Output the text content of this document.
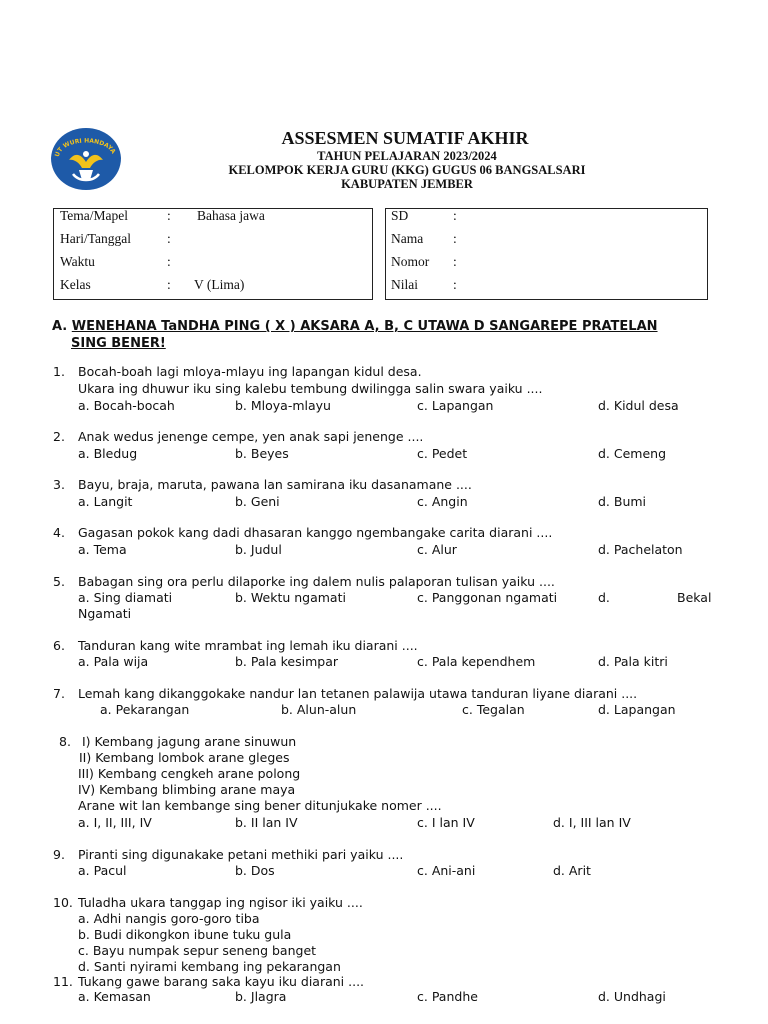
UT WURI HANDAYA
ASSESMEN SUMATIF AKHIR
TAHUN PELAJARAN 2023/2024
KELOMPOK KERJA GURU (KKG) GUGUS 06 BANGSALSARI
KABUPATEN JEMBER
Tema/Mapel	: Bahasa jawa
Hari/Tanggal	:
Waktu	:
Kelas	: V (Lima)
SD	:
Nama :
Nomor :
Nilai	:
A. WENEHANA TaNDHA PING ( X ) AKSARA A, B, C UTAWA D SANGAREPE PRATELAN
SING BENER!
1. Bocah-boah lagi mloya-mlayu ing lapangan kidul desa.
Ukara ing dhuwur iku sing kalebu tembung dwilingga salin swara yaiku ....
a. Bocah-bocah	b. Mloya-mlayu	c. Lapangan	d. Kidul desa
2. Anak wedus jenenge cempe, yen anak sapi jenenge ....
a. Bledug	b. Beyes	c. Pedet	d. Cemeng
3. Bayu, braja, maruta, pawana lan samirana iku dasanamane ....
a. Langit	b. Geni	c. Angin	d. Bumi
4. Gagasan pokok kang dadi dhasaran kanggo ngembangake carita diarani ....
a. Tema	b. Judul	c. Alur	d. Pachelaton
5. Babagan sing ora perlu dilaporke ing dalem nulis palaporan tulisan yaiku ....
a. Sing diamati	b. Wektu ngamati	c. Panggonan ngamati	d.	Bekal
Ngamati
6. Tanduran kang wite mrambat ing lemah iku diarani ....
a. Pala wija	b. Pala kesimpar	c. Pala kependhem	d. Pala kitri
7. Lemah kang dikanggokake nandur lan tetanen palawija utawa tanduran liyane diarani ....
a. Pekarangan	b. Alun-alun	c. Tegalan	d. Lapangan
8. I) Kembang jagung arane sinuwun
II) Kembang lombok arane gleges
III) Kembang cengkeh arane polong
IV) Kembang blimbing arane maya
Arane wit lan kembange sing bener ditunjukake nomer ....
a. I, II, III, IV	b. II lan IV	c. I lan IV	d. I, III lan IV
9. Piranti sing digunakake petani methiki pari yaiku ....
a. Pacul	b. Dos	c. Ani-ani	d. Arit
10. Tuladha ukara tanggap ing ngisor iki yaiku ....
a. Adhi nangis goro-goro tiba
b. Budi dikongkon ibune tuku gula
c. Bayu numpak sepur seneng banget
d. Santi nyirami kembang ing pekarangan
11. Tukang gawe barang saka kayu iku diarani ....
a. Kemasan	b. Jlagra	c. Pandhe	d. Undhagi
